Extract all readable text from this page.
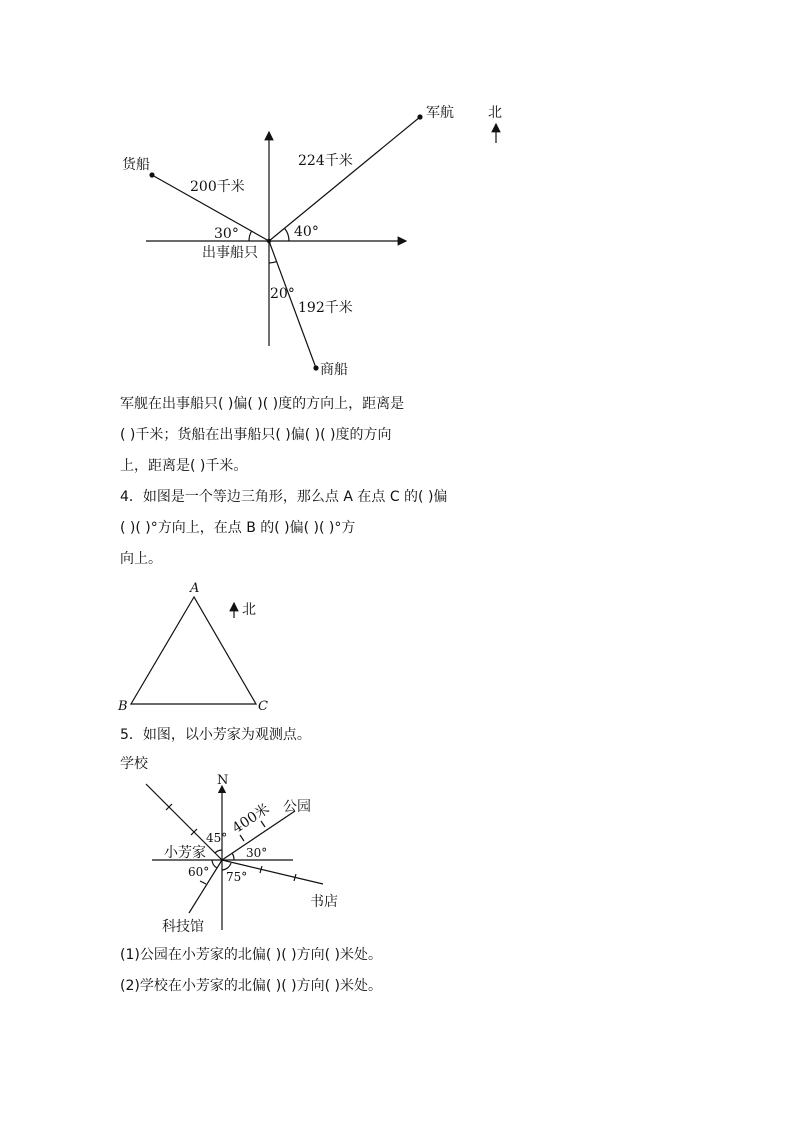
北
军航
货船
商船
出事船只
224千米
200千米
192千米
30°	40°
20°
军舰在出事船只( )偏( )( )度的方向上，距离是
( )千米；货船在出事船只( )偏( )( )度的方向
上，距离是( )千米。
4．如图是一个等边三角形，那么点 A 在点 C 的( )偏
( )( )°方向上，在点 B 的( )偏( )( )°方
向上。
A
B	C
北
5．如图，以小芳家为观测点。
学校
N
公园
400米
小芳家
45°
30°
60° 75°
书店
科技馆
(1)公园在小芳家的北偏( )( )方向( )米处。
(2)学校在小芳家的北偏( )( )方向( )米处。
